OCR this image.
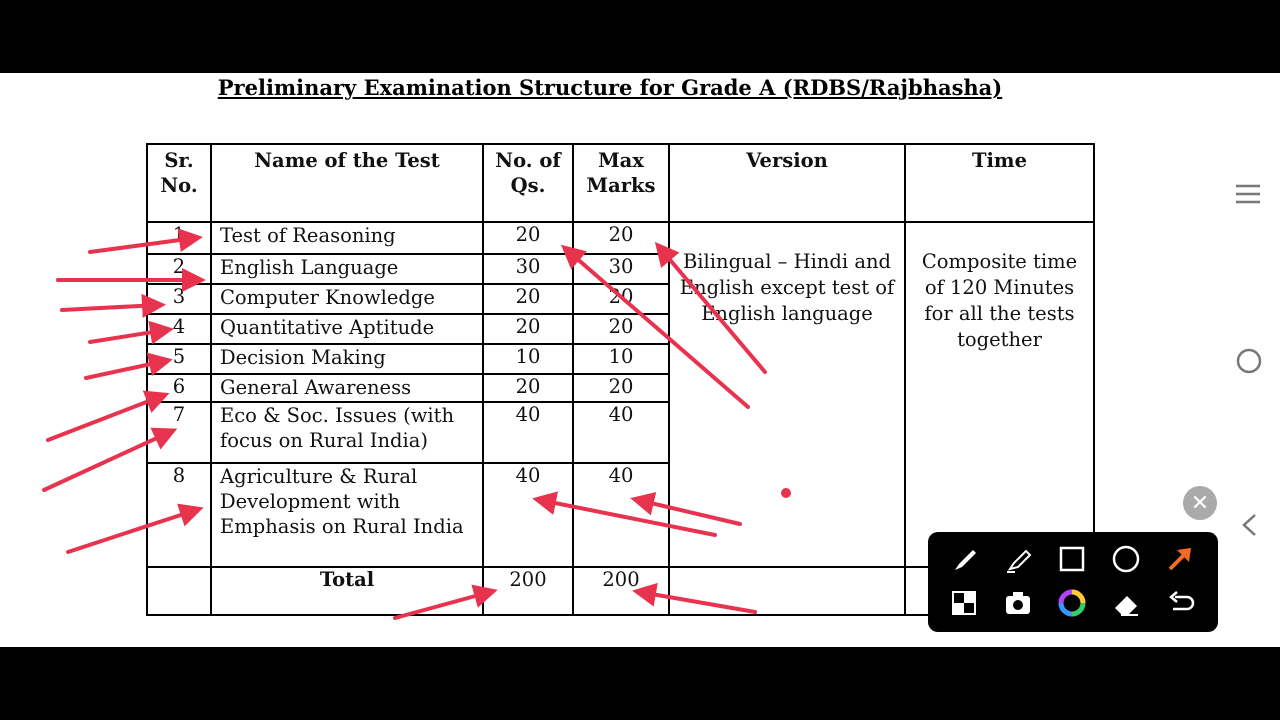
Preliminary Examination Structure for Grade A (RDBS/Rajbhasha)
Sr. No.	Name of the Test	No. of Qs.	Max Marks	Version	Time
1	Test of Reasoning	20	20	Bilingual – Hindi and English except test of English language	Composite time of 120 Minutes for all the tests together
2	English Language	30	30		
3	Computer Knowledge	20	20		
4	Quantitative Aptitude	20	20		
5	Decision Making	10	10		
6	General Awareness	20	20		
7	Eco & Soc. Issues (with focus on Rural India)	40	40		
8	Agriculture & Rural Development with Emphasis on Rural India	40	40		
	Total	200	200		
✕
